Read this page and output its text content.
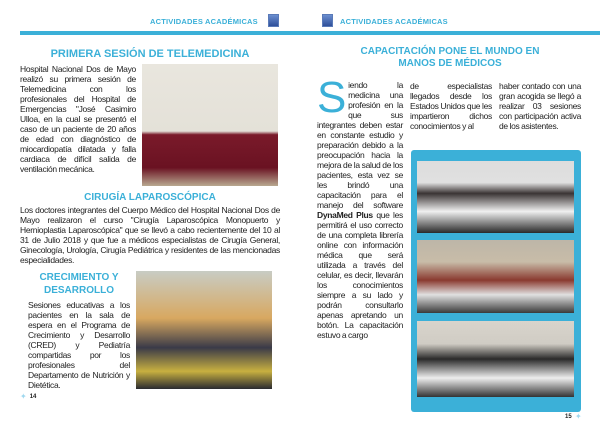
ACTIVIDADES ACADÉMICAS
PRIMERA SESIÓN DE TELEMEDICINA
Hospital Nacional Dos de Mayo realizó su primera sesión de Telemedicina con los profesionales del Hospital de Emergencias "José Casimiro Ulloa, en la cual se presentó el caso de un paciente de 20 años de edad con diagnóstico de miocardiopatía dilatada y falla cardiaca de difícil salida de ventilación mecánica.
CIRUGÍA LAPAROSCÓPICA
Los doctores integrantes del Cuerpo Médico del Hospital Nacional Dos de Mayo realizaron el curso "Cirugía Laparoscópica Monopuerto y Hernioplastia Laparoscópica" que se llevó a cabo recientemente del 10 al 31 de Julio 2018 y que fue a médicos especialistas de Cirugía General, Ginecología, Urología, Cirugía Pediátrica y residentes de las mencionadas especialidades.
CRECIMIENTO Y DESARROLLO
Sesiones educativas a los pacientes en la sala de espera en el Programa de Crecimiento y Desarrollo (CRED) y Pediatría compartidas por los profesionales del Departamento de Nutrición y Dietética.
✦ 14
ACTIVIDADES ACADÉMICAS
CAPACITACIÓN PONE EL MUNDO EN MANOS DE MÉDICOS
Siendo la medicina una profesión en la que sus integrantes deben estar en constante estudio y preparación debido a la preocupación hacia la mejora de la salud de los pacientes, esta vez se les brindó una capacitación para el manejo del software DynaMed Plus que les permitirá el uso correcto de una completa librería online con información médica que será utilizada a través del celular, es decir, llevarán los conocimientos siempre a su lado y podrán consultarlo apenas apretando un botón. La capacitación estuvo a cargo
de especialistas llegados desde los Estados Unidos que les impartieron dichos conocimientos y al
haber contado con una gran acogida se llegó a realizar 03 sesiones con participación activa de los asistentes.
15 ✦
